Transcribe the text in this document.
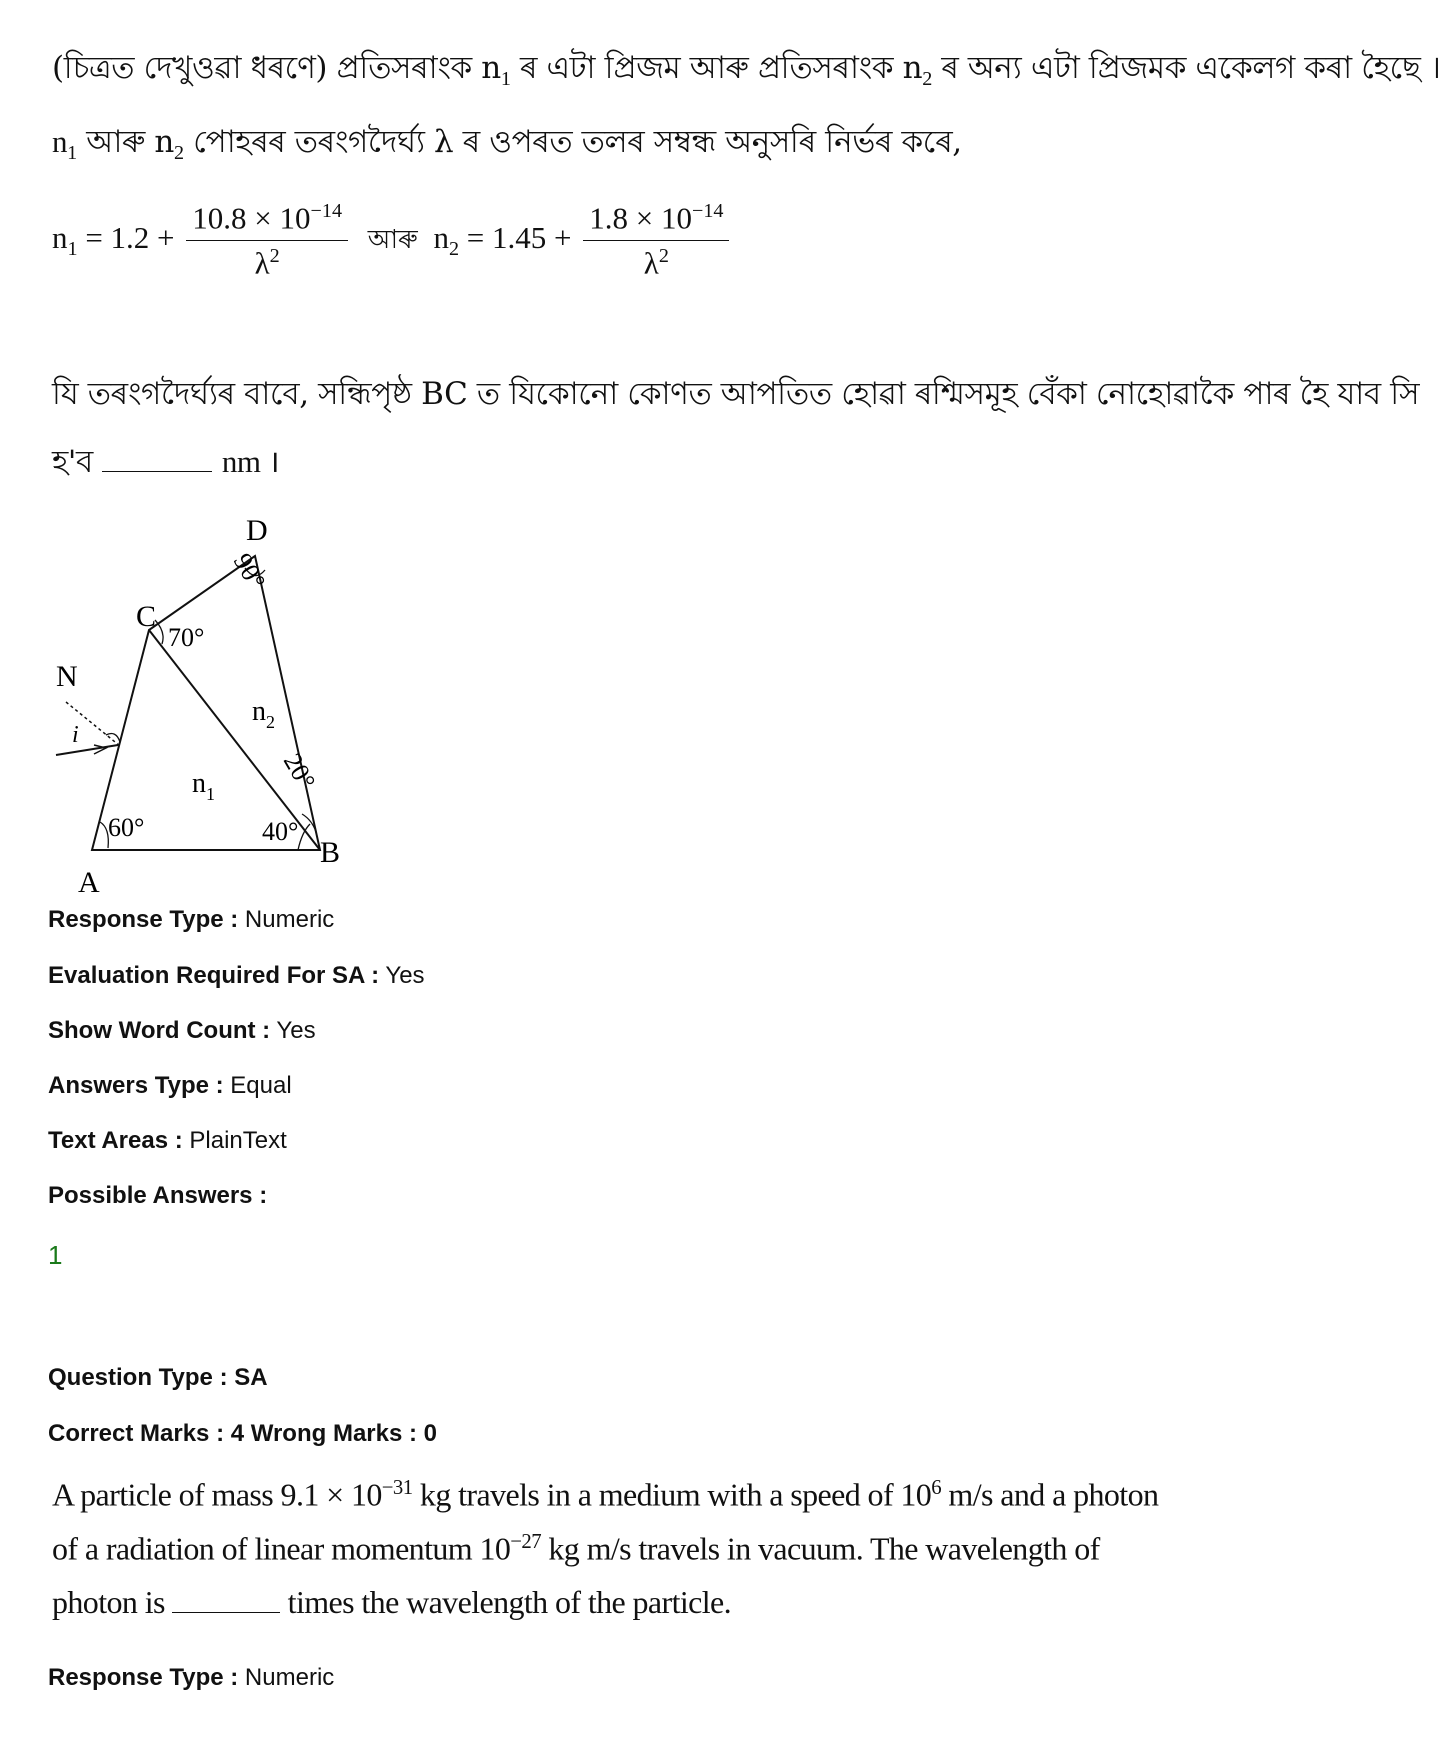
(চিত্ৰত দেখুওৱা ধৰণে) প্ৰতিসৰাংক $n_1$ ৰ এটা প্ৰিজম আৰু প্ৰতিসৰাংক $n_2$ ৰ অন্য এটা প্ৰিজমক একেলগ কৰা হৈছে ।
$n_1$ আৰু $n_2$ পোহৰৰ তৰংগদৈৰ্ঘ্য λ ৰ ওপৰত তলৰ সম্বন্ধ অনুসৰি নিৰ্ভৰ কৰে,
$n_1 = 1.2 + \frac{10.8 \times 10^{-14}}{\lambda^2}$ আৰু $n_2 = 1.45 + \frac{1.8 \times 10^{-14}}{\lambda^2}$
যি তৰংগদৈৰ্ঘ্যৰ বাবে, সন্ধিপৃষ্ঠ BC ত যিকোনো কোণত আপতিত হোৱা ৰশ্মিসমূহ বেঁকা নোহোৱাকৈ পাৰ হৈ যাব সি
হ'ব	nm ।
D
C
N
i
A
B
$n_1$
$n_2$
60°	40°
70°
90°
20°
Response Type : Numeric
Evaluation Required For SA : Yes
Show Word Count : Yes
Answers Type : Equal
Text Areas : PlainText
Possible Answers :
1
Question Type : SA
Correct Marks : 4 Wrong Marks : 0
A particle of mass $9.1 \times 10^{-31}$ kg travels in a medium with a speed of $10^6$ m/s and a photon
of a radiation of linear momentum $10^{-27}$ kg m/s travels in vacuum. The wavelength of
photon is	times the wavelength of the particle.
Response Type : Numeric
